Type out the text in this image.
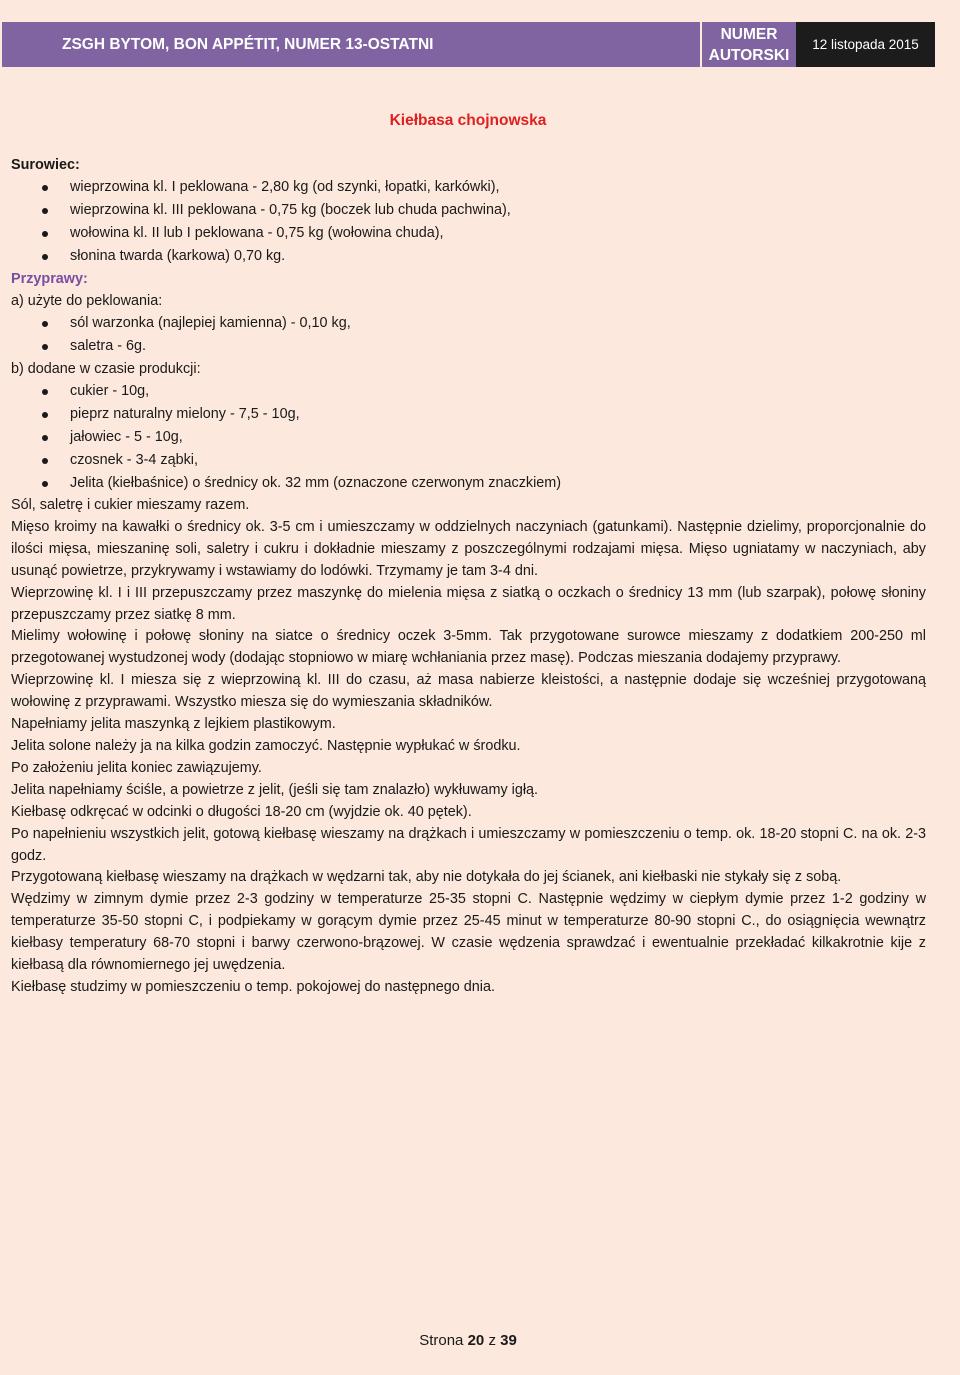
ZSGH BYTOM, BON APPÉTIT, NUMER 13-OSTATNI
NUMER
AUTORSKI
12 listopada 2015
Kiełbasa chojnowska
Surowiec:
wieprzowina kl. I peklowana - 2,80 kg (od szynki, łopatki, karkówki),
wieprzowina kl. III peklowana - 0,75 kg (boczek lub chuda pachwina),
wołowina kl. II lub I peklowana - 0,75 kg (wołowina chuda),
słonina twarda (karkowa) 0,70 kg.
Przyprawy:
a) użyte do peklowania:
sól warzonka (najlepiej kamienna) - 0,10 kg,
saletra - 6g.
b) dodane w czasie produkcji:
cukier - 10g,
pieprz naturalny mielony - 7,5 - 10g,
jałowiec - 5 - 10g,
czosnek - 3-4 ząbki,
Jelita (kiełbaśnice) o średnicy ok. 32 mm (oznaczone czerwonym znaczkiem)

Sól, saletrę i cukier mieszamy razem.

Mięso kroimy na kawałki o średnicy ok. 3-5 cm i umieszczamy w oddzielnych naczyniach (gatunkami). Następnie dzielimy, proporcjonalnie do ilości mięsa, mieszaninę soli, saletry i cukru i dokładnie mieszamy z poszczególnymi rodzajami mięsa. Mięso ugniatamy w naczyniach, aby usunąć powietrze, przykrywamy i wstawiamy do lodówki. Trzymamy je tam 3-4 dni.

Wieprzowinę kl. I i III przepuszczamy przez maszynkę do mielenia mięsa z siatką o oczkach o średnicy 13 mm (lub szarpak), połowę słoniny przepuszczamy przez siatkę 8 mm.

Mielimy wołowinę i połowę słoniny na siatce o średnicy oczek 3-5mm. Tak przygotowane surowce mieszamy z dodatkiem 200-250 ml przegotowanej wystudzonej wody (dodając stopniowo w miarę wchłaniania przez masę). Podczas mieszania dodajemy przyprawy.

Wieprzowinę kl. I miesza się z wieprzowiną kl. III do czasu, aż masa nabierze kleistości, a następnie dodaje się wcześniej przygotowaną wołowinę z przyprawami. Wszystko miesza się do wymieszania składników.

Napełniamy jelita maszynką z lejkiem plastikowym.

Jelita solone należy ja na kilka godzin zamoczyć. Następnie wypłukać w środku.

Po założeniu jelita koniec zawiązujemy.

Jelita napełniamy ściśle, a powietrze z jelit, (jeśli się tam znalazło) wykłuwamy igłą.

Kiełbasę odkręcać w odcinki o długości 18-20 cm (wyjdzie ok. 40 pętek).

Po napełnieniu wszystkich jelit, gotową kiełbasę wieszamy na drążkach i umieszczamy w pomieszczeniu o temp. ok. 18-20 stopni C. na ok. 2-3 godz.

Przygotowaną kiełbasę wieszamy na drążkach w wędzarni tak, aby nie dotykała do jej ścianek, ani kiełbaski nie stykały się z sobą.

Wędzimy w zimnym dymie przez 2-3 godziny w temperaturze 25-35 stopni C. Następnie wędzimy w ciepłym dymie przez 1-2 godziny w temperaturze 35-50 stopni C, i podpiekamy w gorącym dymie przez 25-45 minut w temperaturze 80-90 stopni C., do osiągnięcia wewnątrz kiełbasy temperatury 68-70 stopni i barwy czerwono-brązowej. W czasie wędzenia sprawdzać i ewentualnie przekładać kilkakrotnie kije z kiełbasą dla równomiernego jej uwędzenia.

Kiełbasę studzimy w pomieszczeniu o temp. pokojowej do następnego dnia.

Strona 20 z 39
